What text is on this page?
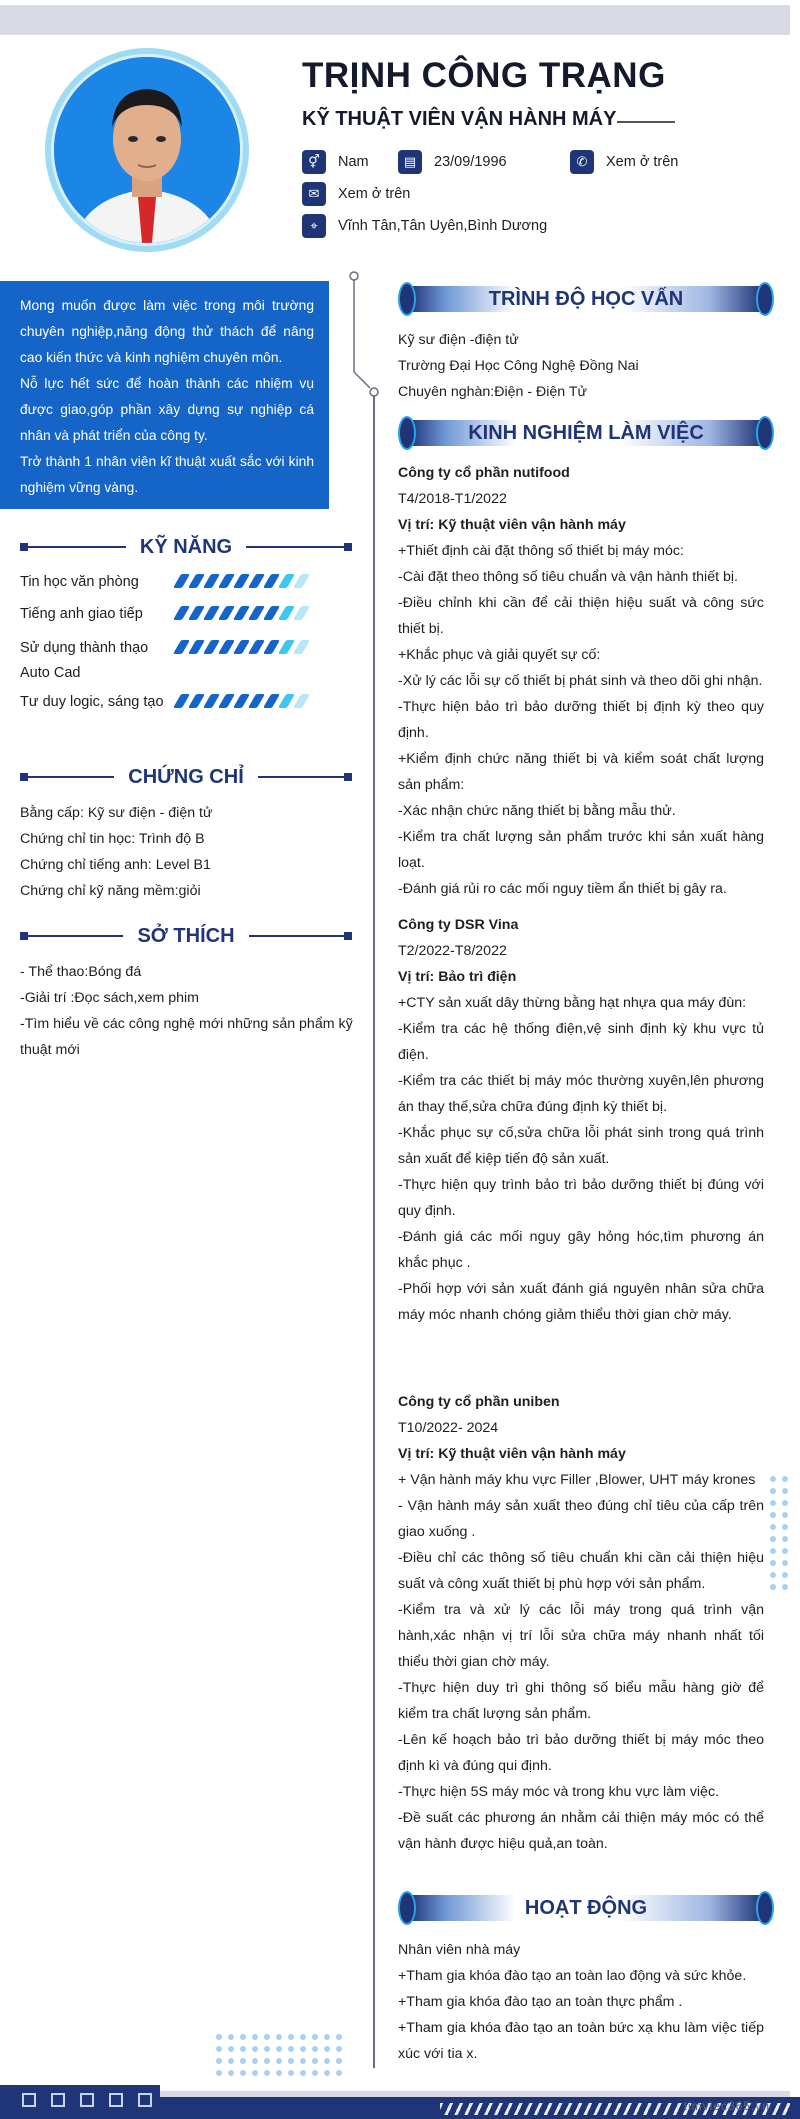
TRỊNH CÔNG TRẠNG
KỸ THUẬT VIÊN VẬN HÀNH MÁY
⚥	Nam	▤	23/09/1996	✆	Xem ở trên
✉	Xem ở trên
⌖	Vĩnh Tân,Tân Uyên,Bình Dương

Mong muốn được làm việc trong môi trường chuyên nghiệp,năng động thử thách để nâng cao kiến thức và kinh nghiệm chuyên môn.

Nỗ lực hết sức để hoàn thành các nhiệm vụ được giao,góp phần xây dựng sự nghiệp cá nhân và phát triển của công ty.

Trở thành 1 nhân viên kĩ thuật xuất sắc với kinh nghiệm vững vàng.

KỸ NĂNG
Tin học văn phòng
Tiếng anh giao tiếp
Sử dụng thành thạo Auto Cad
Tư duy logic, sáng tạo
CHỨNG CHỈ
Bằng cấp: Kỹ sư điện - điện tử
Chứng chỉ tin học: Trình độ B
Chứng chỉ tiếng anh: Level B1
Chứng chỉ kỹ năng mềm:giỏi
SỞ THÍCH
- Thể thao:Bóng đá
-Giải trí :Đọc sách,xem phim
-Tìm hiểu về các công nghệ mới những sản phẩm kỹ thuật mới
TRÌNH ĐỘ HỌC VẤN
Kỹ sư điện -điện tử
Trường Đại Học Công Nghệ Đồng Nai
Chuyên nghàn:Điện - Điện Tử
KINH NGHIỆM LÀM VIỆC
Công ty cổ phần nutifood
T4/2018-T1/2022
Vị trí: Kỹ thuật viên vận hành máy
+Thiết định cài đặt thông số thiết bị máy móc:
-Cài đặt theo thông số tiêu chuẩn và vận hành thiết bị.
-Điều chỉnh khi cần để cải thiện hiệu suất và công sức thiết bị.
+Khắc phục và giải quyết sự cố:
-Xử lý các lỗi sự cố thiết bị phát sinh và theo dõi ghi nhận.
-Thực hiện bảo trì bảo dưỡng thiết bị định kỳ theo quy định.
+Kiểm định chức năng thiết bị và kiểm soát chất lượng sản phẩm:
-Xác nhận chức năng thiết bị bằng mẫu thử.
-Kiểm tra chất lượng sản phẩm trước khi sản xuất hàng loạt.
-Đánh giá rủi ro các mối nguy tiềm ẩn thiết bị gây ra.
Công ty DSR Vina
T2/2022-T8/2022
Vị trí: Bảo trì điện
+CTY sản xuất dây thừng bằng hạt nhựa qua máy đùn:
-Kiểm tra các hệ thống điện,vệ sinh định kỳ khu vực tủ điện.
-Kiểm tra các thiết bị máy móc thường xuyên,lên phương án thay thế,sửa chữa đúng định kỳ thiết bị.
-Khắc phục sự cố,sửa chữa lỗi phát sinh trong quá trình sản xuất để kiệp tiến độ sản xuất.
-Thực hiện quy trình bảo trì bảo dưỡng thiết bị đúng với quy định.
-Đánh giá các mối nguy gây hỏng hóc,tìm phương án khắc phục .
-Phối hợp với sản xuất đánh giá nguyên nhân sửa chữa máy móc nhanh chóng giảm thiểu thời gian chờ máy.
Công ty cổ phần uniben
T10/2022- 2024
Vị trí: Kỹ thuật viên vận hành máy
+ Vận hành máy khu vực Filler ,Blower, UHT máy krones
- Vận hành máy sản xuất theo đúng chỉ tiêu của cấp trên giao xuống .
-Điều chỉ các thông số tiêu chuẩn khi cần cải thiện hiệu suất và công xuất thiết bị phù hợp với sản phẩm.
-Kiểm tra và xử lý các lỗi máy trong quá trình vận hành,xác nhận vị trí lỗi sửa chữa máy nhanh nhất tối thiểu thời gian chờ máy.
-Thực hiện duy trì ghi thông số biểu mẫu hàng giờ để kiểm tra chất lượng sản phẩm.
-Lên kế hoạch bảo trì bảo dưỡng thiết bị máy móc theo định kì và đúng qui định.
-Thực hiện 5S máy móc và trong khu vực làm việc.
-Đề suất các phương án nhằm cải thiện máy móc có thể vận hành được hiệu quả,an toàn.
HOẠT ĐỘNG
Nhân viên nhà máy
+Tham gia khóa đào tạo an toàn lao động và sức khỏe.
+Tham gia khóa đào tạo an toàn thực phẩm .
+Tham gia khóa đào tạo an toàn bức xạ khu làm việc tiếp xúc với tia x.
timviec365.vn
